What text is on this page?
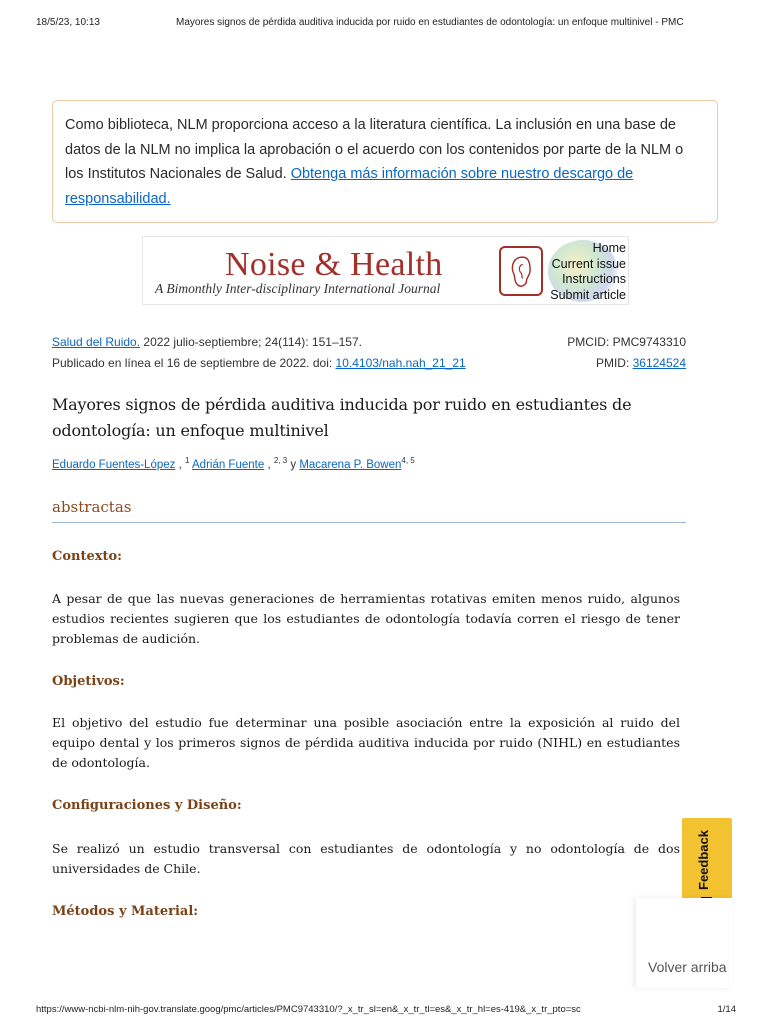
18/5/23, 10:13	Mayores signos de pérdida auditiva inducida por ruido en estudiantes de odontología: un enfoque multinivel - PMC
Como biblioteca, NLM proporciona acceso a la literatura científica. La inclusión en una base de datos de la NLM no implica la aprobación o el acuerdo con los contenidos por parte de la NLM o los Institutos Nacionales de Salud. Obtenga más información sobre nuestro descargo de responsabilidad.
Noise & Health
A Bimonthly Inter-disciplinary International Journal
Home
Current issue
Instructions
Submit article
Salud del Ruido. 2022 julio-septiembre; 24(114): 151–157.	PMCID: PMC9743310
Publicado en línea el 16 de septiembre de 2022. doi: 10.4103/nah.nah_21_21	PMID: 36124524
Mayores signos de pérdida auditiva inducida por ruido en estudiantes de odontología: un enfoque multinivel
Eduardo Fuentes-López , $^1$ Adrián Fuente , $^{2, 3}$ y Macarena P. Bowen$^{4, 5}$
abstractas
Contexto:
A pesar de que las nuevas generaciones de herramientas rotativas emiten menos ruido, algunos estudios recientes sugieren que los estudiantes de odontología todavía corren el riesgo de tener problemas de audición.
Objetivos:
El objetivo del estudio fue determinar una posible asociación entre la exposición al ruido del equipo dental y los primeros signos de pérdida auditiva inducida por ruido (NIHL) en estudiantes de odontología.
Configuraciones y Diseño:
Se realizó un estudio transversal con estudiantes de odontología y no odontología de dos universidades de Chile.
Métodos y Material:
Feedback
Volver arriba
https://www-ncbi-nlm-nih-gov.translate.goog/pmc/articles/PMC9743310/?_x_tr_sl=en&_x_tr_tl=es&_x_tr_hl=es-419&_x_tr_pto=sc	1/14
